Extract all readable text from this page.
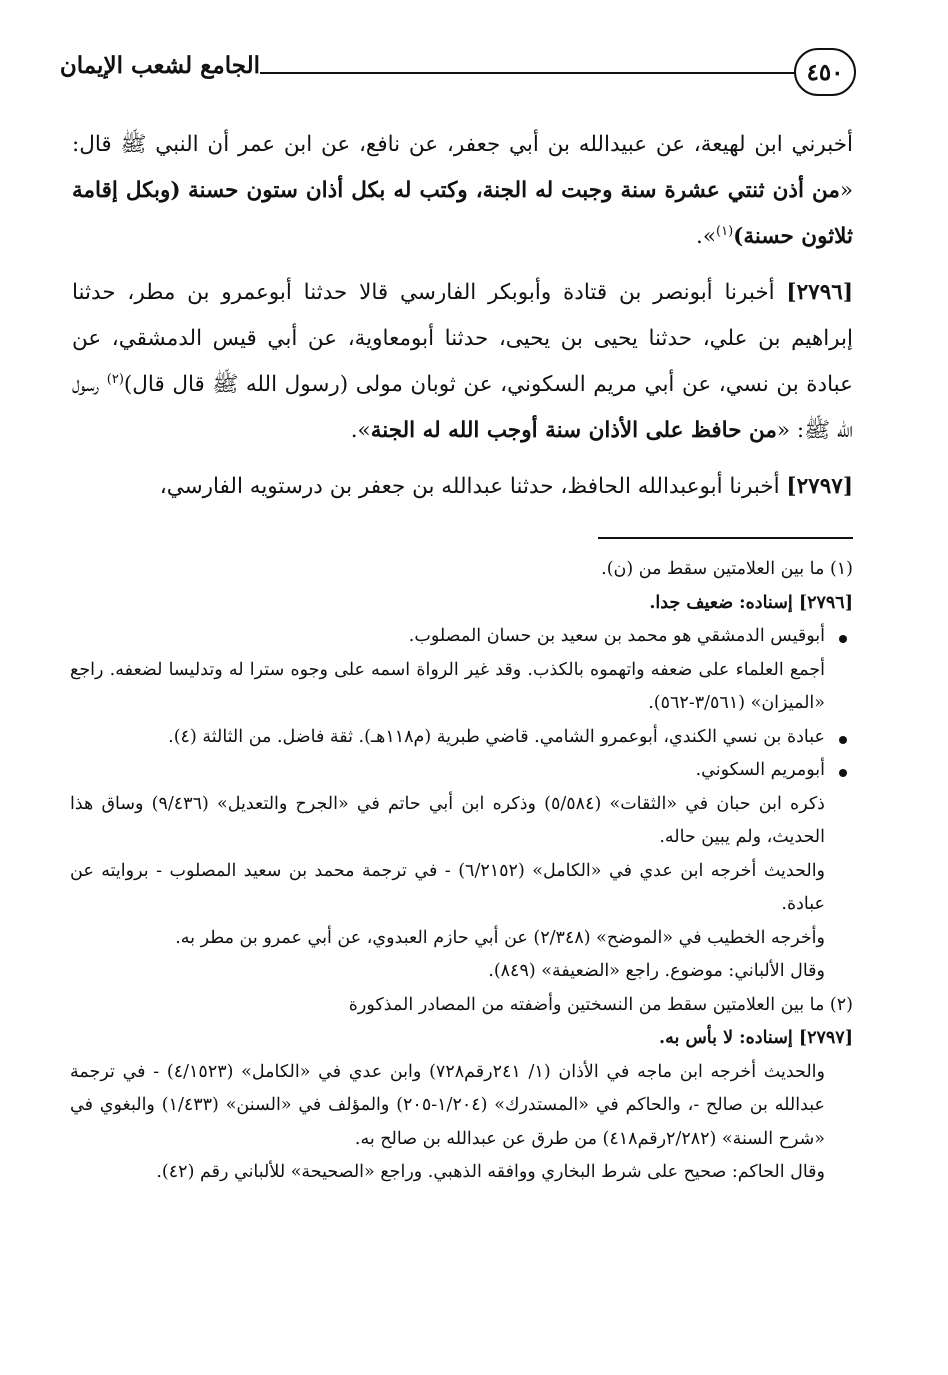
٤٥٠
الجامع لشعب الإيمان

أخبرني ابن لهيعة، عن عبيدالله بن أبي جعفر، عن نافع، عن ابن عمر أن النبي ﷺ قال: «من أذن ثنتي عشرة سنة وجبت له الجنة، وكتب له بكل أذان ستون حسنة (وبكل إقامة ثلاثون حسنة)$^{(١)}$».

[٢٧٩٦] أخبرنا أبونصر بن قتادة وأبوبكر الفارسي قالا حدثنا أبوعمرو بن مطر، حدثنا إبراهيم بن علي، حدثنا يحيى بن يحيى، حدثنا أبومعاوية، عن أبي قيس الدمشقي، عن عبادة بن نسي، عن أبي مريم السكوني، عن ثوبان مولى (رسول الله ﷺ قال قال)$^{(٢)}$ رسول الله ﷺ: «من حافظ على الأذان سنة أوجب الله له الجنة».

[٢٧٩٧] أخبرنا أبوعبدالله الحافظ، حدثنا عبدالله بن جعفر بن درستويه الفارسي،

(١) ما بين العلامتين سقط من (ن).

[٢٧٩٦] إسناده: ضعيف جدا.

أبوقيس الدمشقي هو محمد بن سعيد بن حسان المصلوب.

أجمع العلماء على ضعفه واتهموه بالكذب. وقد غير الرواة اسمه على وجوه سترا له وتدليسا لضعفه. راجع «الميزان» (٣/٥٦١-٥٦٢).

عبادة بن نسي الكندي، أبوعمرو الشامي. قاضي طبرية (م١١٨هـ). ثقة فاضل. من الثالثة (٤).

أبومريم السكوني.

ذكره ابن حبان في «الثقات» (٥/٥٨٤) وذكره ابن أبي حاتم في «الجرح والتعديل» (٩/٤٣٦) وساق هذا الحديث، ولم يبين حاله.

والحديث أخرجه ابن عدي في «الكامل» (٦/٢١٥٢) - في ترجمة محمد بن سعيد المصلوب - بروايته عن عبادة.

وأخرجه الخطيب في «الموضح» (٢/٣٤٨) عن أبي حازم العبدوي، عن أبي عمرو بن مطر به.

وقال الألباني: موضوع. راجع «الضعيفة» (٨٤٩).

(٢) ما بين العلامتين سقط من النسختين وأضفته من المصادر المذكورة

[٢٧٩٧] إسناده: لا بأس به.

والحديث أخرجه ابن ماجه في الأذان (١/ ٢٤١رقم٧٢٨) وابن عدي في «الكامل» (٤/١٥٢٣) - في ترجمة عبدالله بن صالح -، والحاكم في «المستدرك» (١/٢٠٤-٢٠٥) والمؤلف في «السنن» (١/٤٣٣) والبغوي في «شرح السنة» (٢/٢٨٢رقم٤١٨) من طرق عن عبدالله بن صالح به.

وقال الحاكم: صحيح على شرط البخاري ووافقه الذهبي. وراجع «الصحيحة» للألباني رقم (٤٢).
